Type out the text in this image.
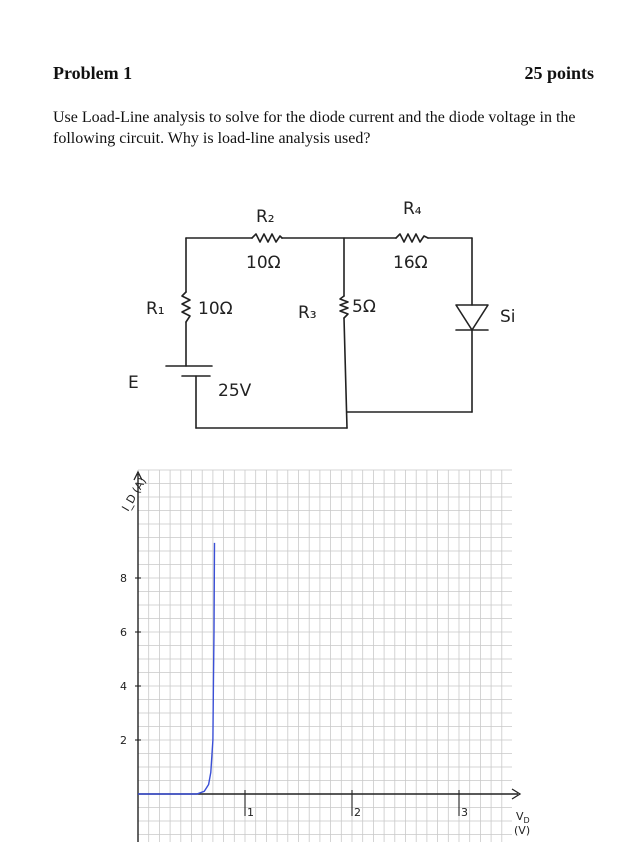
Problem 1	25 points
Use Load-Line analysis to solve for the diode current and the diode voltage in the following circuit. Why is load-line analysis used?
R₂
10Ω
R₄
16Ω
R₁ 10Ω	R₃ 5Ω
E	25V
Si
1	2	3
2
4
6
8
I_D (A)
$V_D$
(V)
